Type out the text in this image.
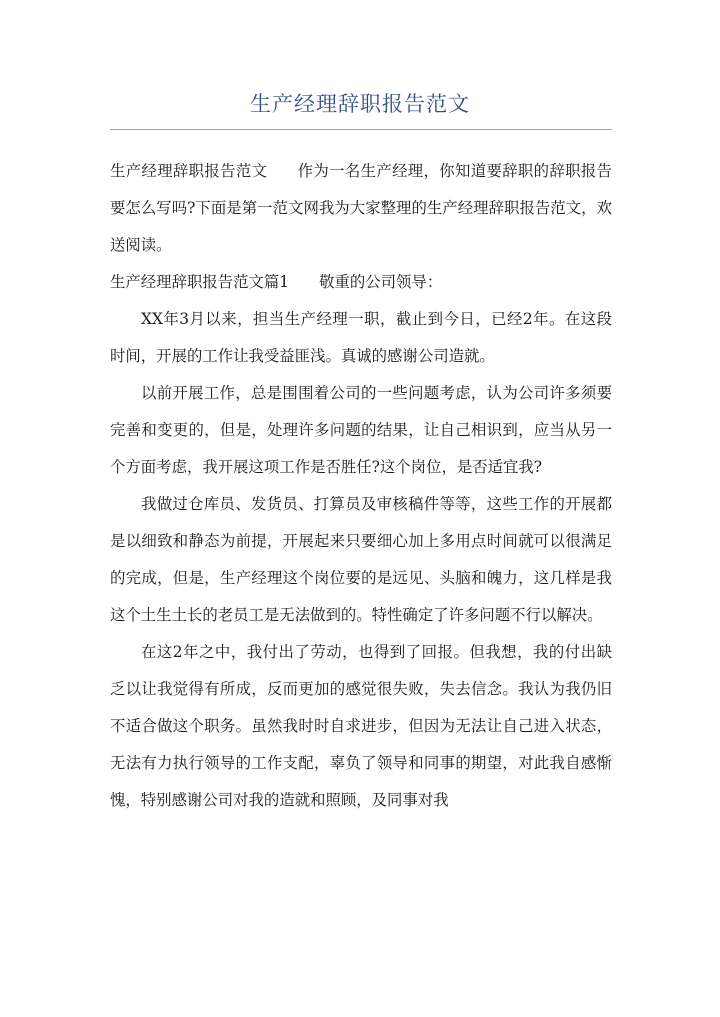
生产经理辞职报告范文

生产经理辞职报告范文 作为一名生产经理，你知道要辞职的辞职报告要怎么写吗?下面是第一范文网我为大家整理的生产经理辞职报告范文，欢送阅读。

生产经理辞职报告范文篇1 敬重的公司领导：

XX年3月以来，担当生产经理一职，截止到今日，已经2年。在这段时间，开展的工作让我受益匪浅。真诚的感谢公司造就。

以前开展工作，总是围围着公司的一些问题考虑，认为公司许多须要完善和变更的，但是，处理许多问题的结果，让自己相识到，应当从另一个方面考虑，我开展这项工作是否胜任?这个岗位，是否适宜我?

我做过仓库员、发货员、打算员及审核稿件等等，这些工作的开展都是以细致和静态为前提，开展起来只要细心加上多用点时间就可以很满足的完成，但是，生产经理这个岗位要的是远见、头脑和魄力，这几样是我这个土生土长的老员工是无法做到的。特性确定了许多问题不行以解决。

在这2年之中，我付出了劳动，也得到了回报。但我想，我的付出缺乏以让我觉得有所成，反而更加的感觉很失败，失去信念。我认为我仍旧不适合做这个职务。虽然我时时自求进步，但因为无法让自己进入状态，无法有力执行领导的工作支配，辜负了领导和同事的期望，对此我自感惭愧，特别感谢公司对我的造就和照顾，及同事对我
